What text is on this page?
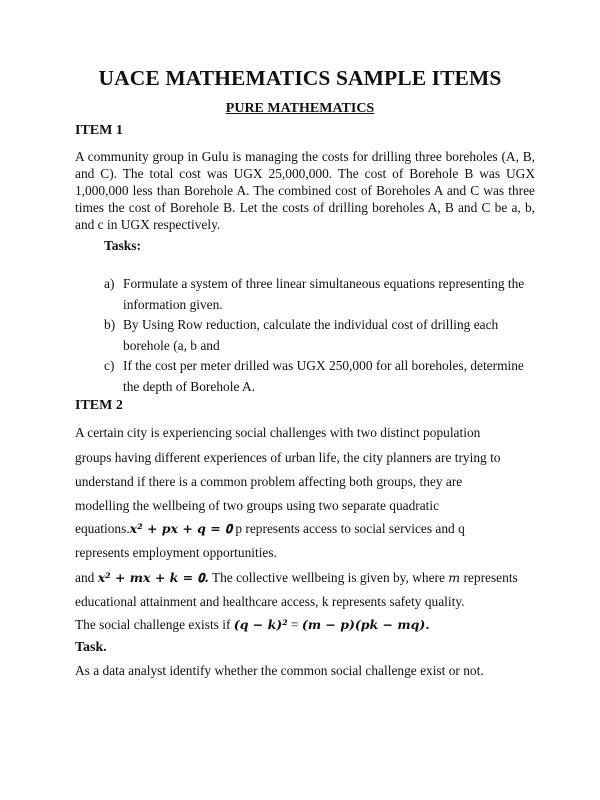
UACE MATHEMATICS SAMPLE ITEMS
PURE MATHEMATICS
ITEM 1

A community group in Gulu is managing the costs for drilling three boreholes (A, B, and C). The total cost was UGX 25,000,000. The cost of Borehole B was UGX 1,000,000 less than Borehole A. The combined cost of Boreholes A and C was three times the cost of Borehole B. Let the costs of drilling boreholes A, B and C be a, b, and c in UGX respectively.

Tasks:
a) Formulate a system of three linear simultaneous equations representing the information given.
b) By Using Row reduction, calculate the individual cost of drilling each borehole (a, b and
c) If the cost per meter drilled was UGX 250,000 for all boreholes, determine the depth of Borehole A.
ITEM 2
A certain city is experiencing social challenges with two distinct population
groups having different experiences of urban life, the city planners are trying to
understand if there is a common problem affecting both groups, they are
modelling the wellbeing of two groups using two separate quadratic
equations.𝒙² + 𝒑𝒙 + 𝒒 = 𝟎 p represents access to social services and q
represents employment opportunities.
and 𝒙² + 𝒎𝒙 + 𝒌 = 𝟎. The collective wellbeing is given by, where 𝑚 represents
educational attainment and healthcare access, k represents safety quality.
The social challenge exists if (𝒒 − 𝒌)² = (𝒎 − 𝒑)(𝒑𝒌 − 𝒎𝒒).
Task.
As a data analyst identify whether the common social challenge exist or not.
